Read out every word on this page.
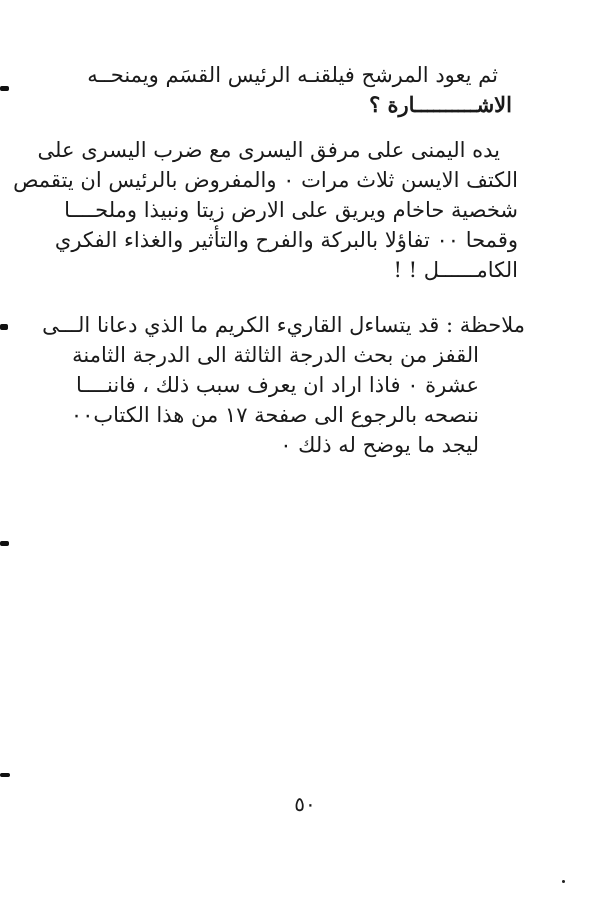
ثم يعود المرشح فيلقنـه الرئيس القسَم ويمنحــه
الاشــــــــــارة ؟
يده اليمنى على مرفق اليسرى مع ضرب اليسرى على
الكتف الايسن ثلاث مرات ٠ والمفروض بالرئيس ان يتقمص
شخصية حاخام ويريق على الارض زيتا ونبيذا وملحــــا
وقمحا ٠٠ تفاؤلا بالبركة والفرح والتأثير والغذاء الفكري
الكامــــــل ! !
ملاحظة : قد يتساءل القاريء الكريم ما الذي دعانا الـــى
القفز من بحث الدرجة الثالثة الى الدرجة الثامنة
عشرة ٠ فاذا اراد ان يعرف سبب ذلك ، فاننــــا
ننصحه بالرجوع الى صفحة ١٧ من هذا الكتاب٠٠
ليجد ما يوضح له ذلك ٠
٥٠
